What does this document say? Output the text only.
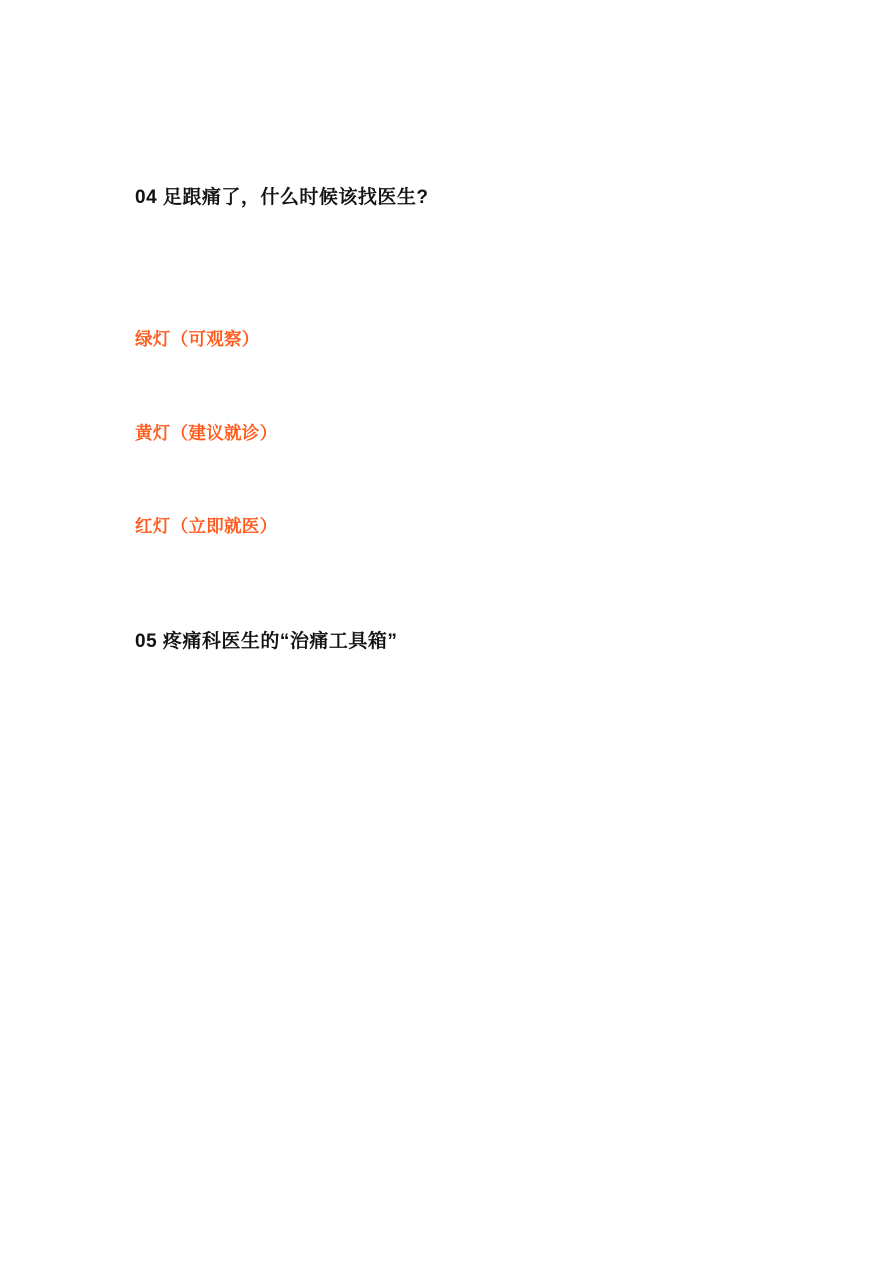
04 足跟痛了，什么时候该找医生?
绿灯（可观察）
黄灯（建议就诊）
红灯（立即就医）
05 疼痛科医生的“治痛工具箱”
